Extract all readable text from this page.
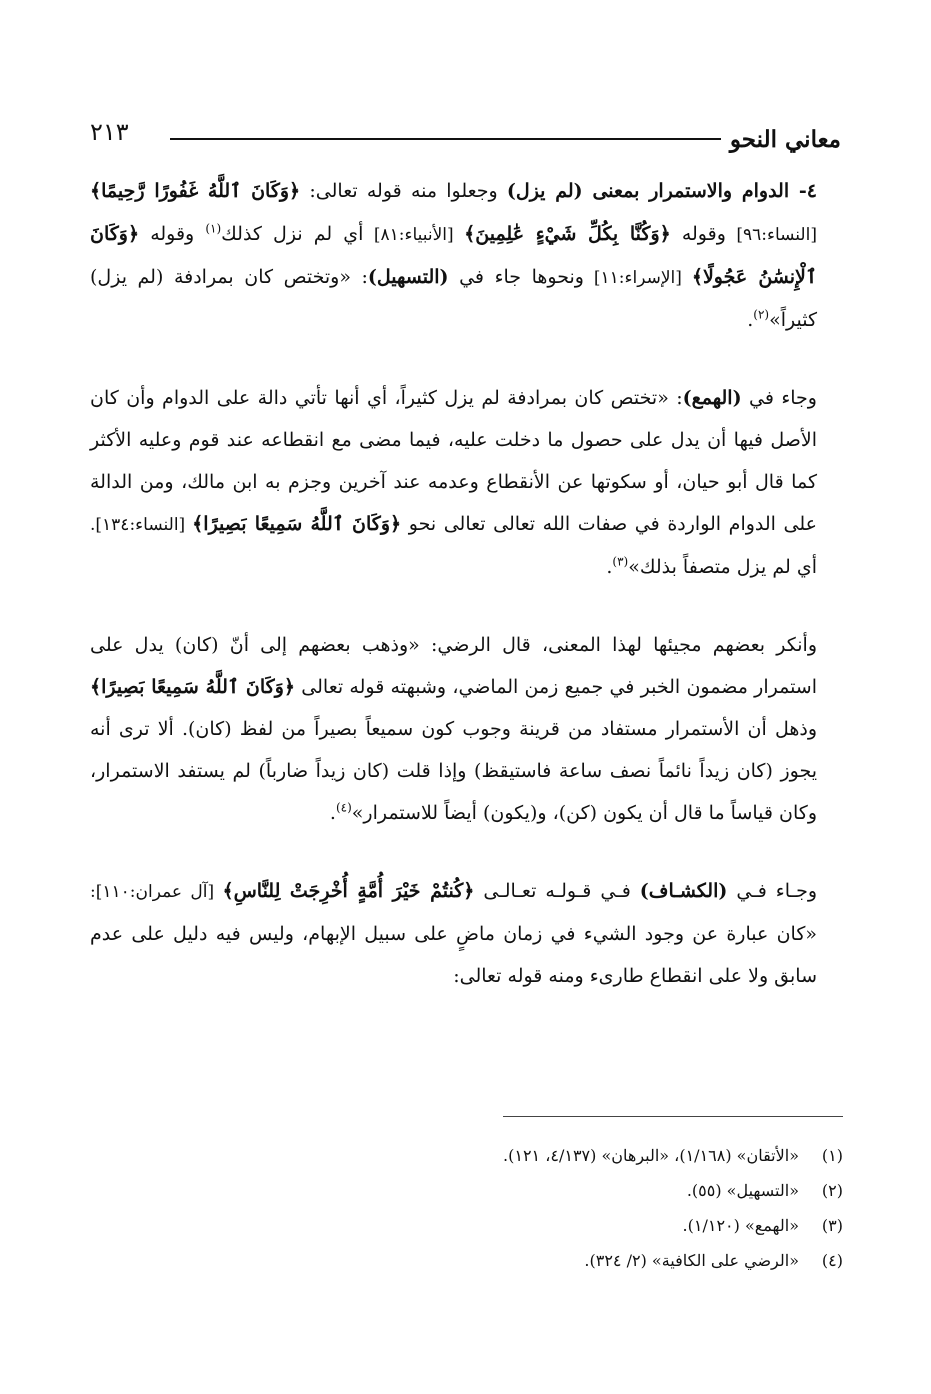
معاني النحو
٢١٣

٤- الدوام والاستمرار بمعنى (لم يزل) وجعلوا منه قوله تعالى: ﴿وَكَانَ ٱللَّهُ غَفُورًا رَّحِيمًا﴾ [النساء:٩٦] وقوله ﴿وَكُنَّا بِكُلِّ شَيْءٍ عَٰلِمِينَ﴾ [الأنبياء:٨١] أي لم نزل كذلك$^{(١)}$ وقوله ﴿وَكَانَ ٱلْإِنسَٰنُ عَجُولًا﴾ [الإسراء:١١] ونحوها جاء في (التسهيل): «وتختص كان بمرادفة (لم يزل) كثيراً»$^{(٢)}$.

وجاء في (الهمع): «تختص كان بمرادفة لم يزل كثيراً، أي أنها تأتي دالة على الدوام وأن كان الأصل فيها أن يدل على حصول ما دخلت عليه، فيما مضى مع انقطاعه عند قوم وعليه الأكثر كما قال أبو حيان، أو سكوتها عن الأنقطاع وعدمه عند آخرين وجزم به ابن مالك، ومن الدالة على الدوام الواردة في صفات الله تعالى تعالى نحو ﴿وَكَانَ ٱللَّهُ سَمِيعًا بَصِيرًا﴾ [النساء:١٣٤]. أي لم يزل متصفاً بذلك»$^{(٣)}$.

وأنكر بعضهم مجيئها لهذا المعنى، قال الرضي: «وذهب بعضهم إلى أنّ (كان) يدل على استمرار مضمون الخبر في جميع زمن الماضي، وشبهته قوله تعالى ﴿وَكَانَ ٱللَّهُ سَمِيعًا بَصِيرًا﴾ وذهل أن الأستمرار مستفاد من قرينة وجوب كون سميعاً بصيراً من لفظ (كان). ألا ترى أنه يجوز (كان زيداً نائماً نصف ساعة فاستيقظ) وإذا قلت (كان زيداً ضارباً) لم يستفد الاستمرار، وكان قياساً ما قال أن يكون (كن)، و(يكون) أيضاً للاستمرار»$^{(٤)}$.

وجـاء فـي (الكشـاف) فـي قـولـه تعـالـى ﴿كُنتُمْ خَيْرَ أُمَّةٍ أُخْرِجَتْ لِلنَّاسِ﴾ [آل عمران:١١٠]: «كان عبارة عن وجود الشيء في زمان ماضٍ على سبيل الإبهام، وليس فيه دليل على عدم سابق ولا على انقطاع طارىء ومنه قوله تعالى:

(١)
«الأتقان» (١/١٦٨)، «البرهان» (٤/١٣٧، ١٢١).
(٢)
«التسهيل» (٥٥).
(٣)
«الهمع» (١/١٢٠).
(٤)
«الرضي على الكافية» (٢/ ٣٢٤).
